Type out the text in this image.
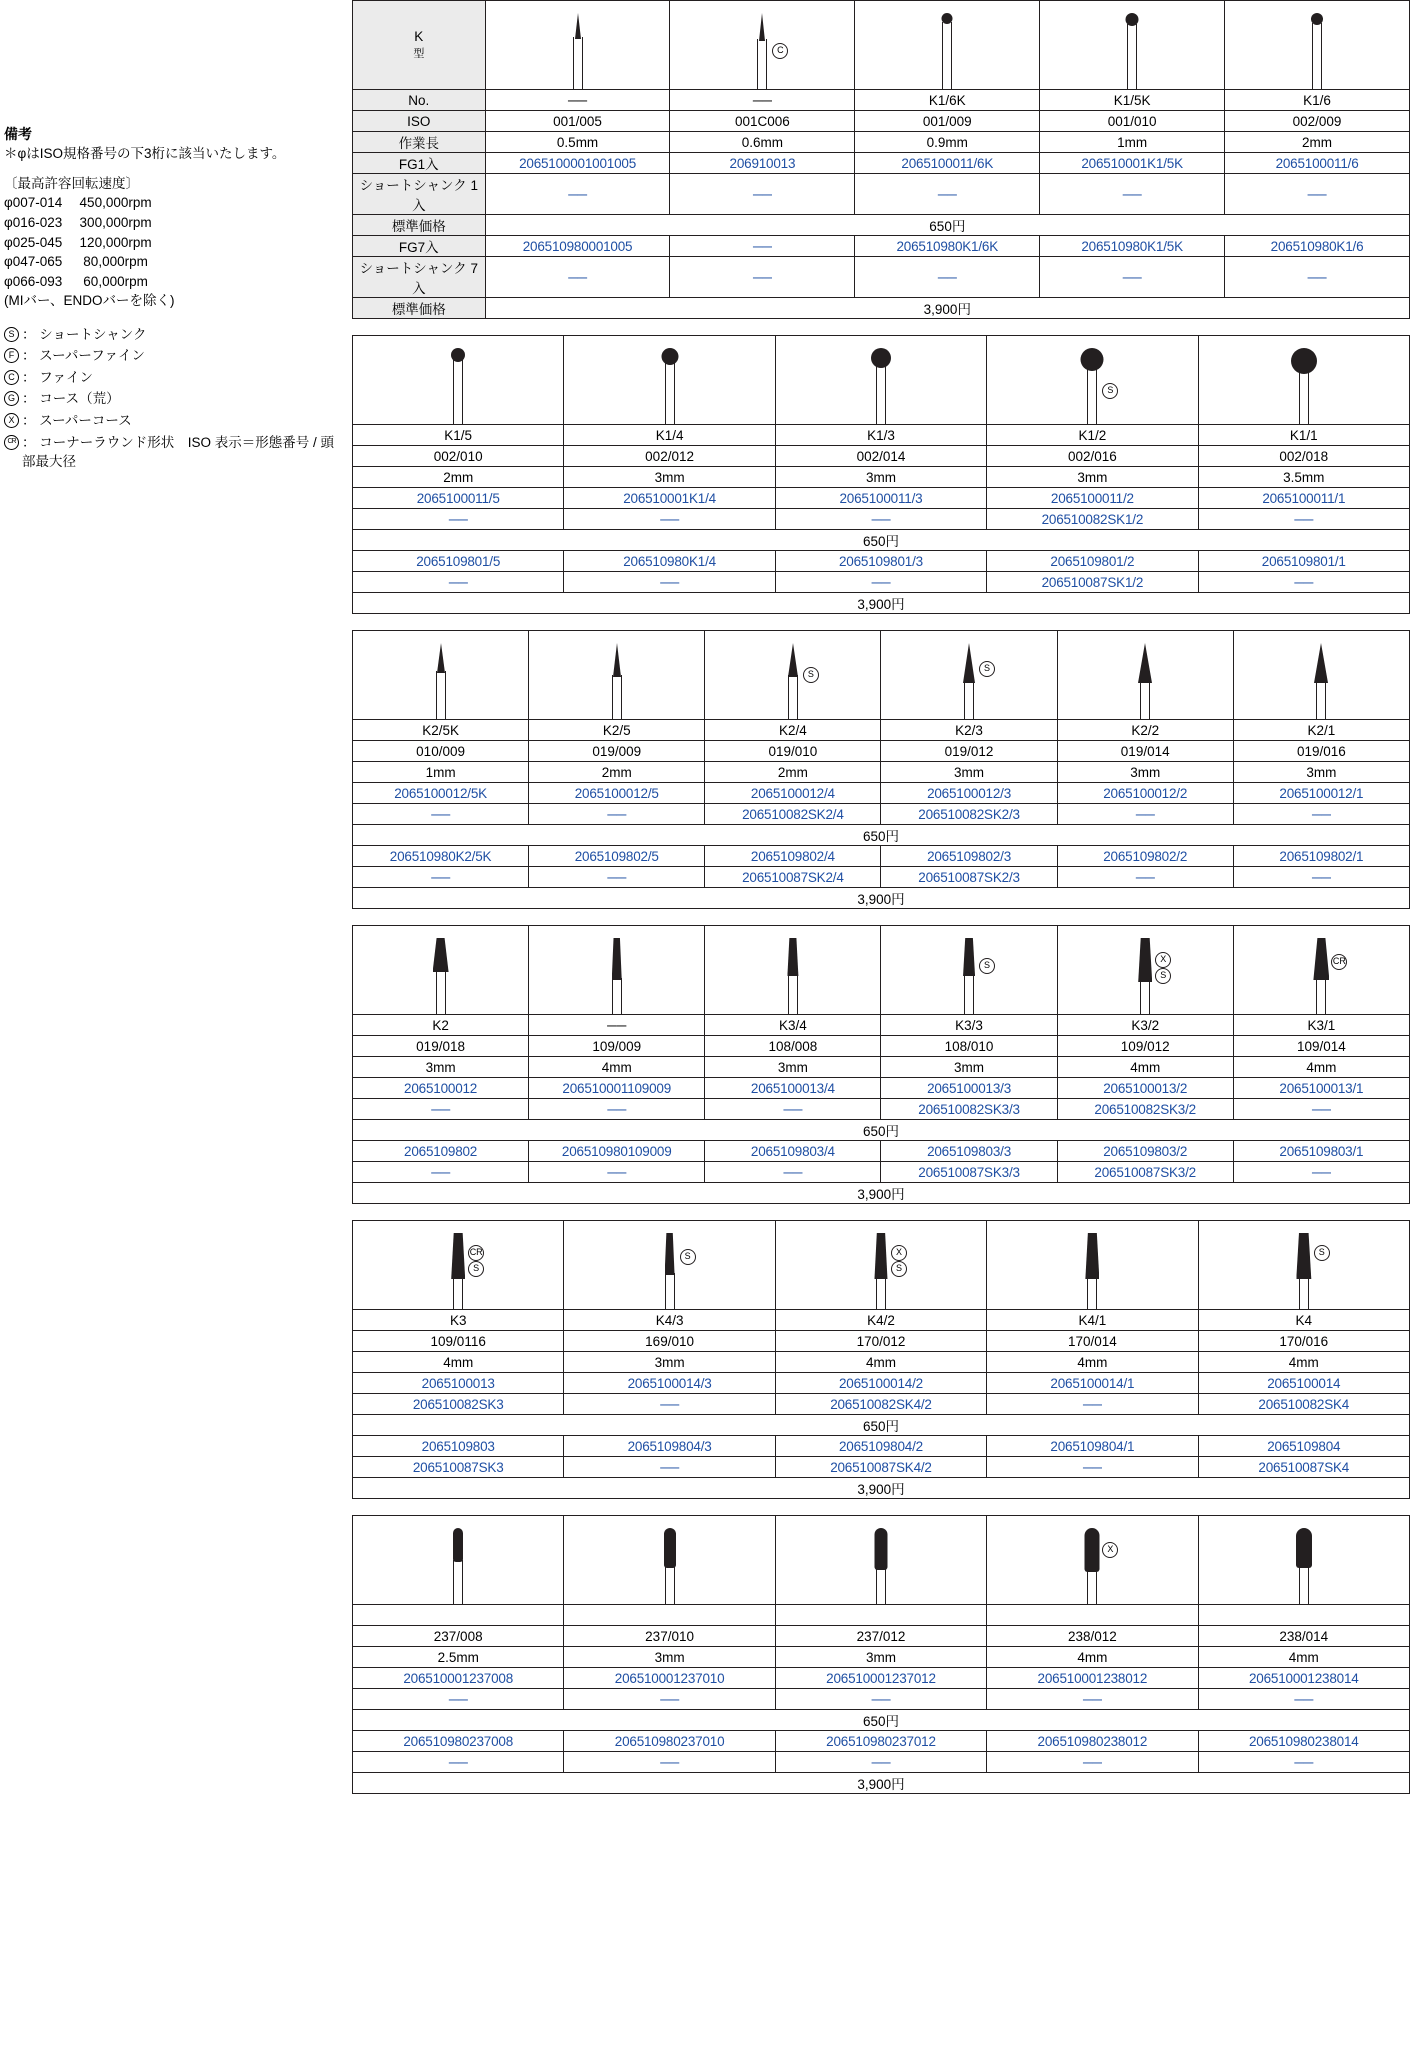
備考
＊φはISO規格番号の下3桁に該当いたします。
〔最高許容回転速度〕
φ007-014　 450,000rpm
φ016-023　 300,000rpm
φ025-045　 120,000rpm
φ047-065　  80,000rpm
φ066-093　  60,000rpm
(MIバー、ENDOバーを除く)
S ： ショートシャンク
F ： スーパーファイン
C ： ファイン
G ： コース（荒）
X ： スーパーコース
CR ： コーナーラウンド形状　ISO 表示＝形態番号 / 頭部最大径
K
型		C			

No.	──	──	K1/6K	K1/5K	K1/6
ISO	001/005	001C006	001/009	001/010	002/009
作業長	0.5mm	0.6mm	0.9mm	1mm	2mm
FG1入	2065100001001005	206910013	2065100011/6K	206510001K1/5K	2065100011/6
ショートシャンク 1入	──	──	──	──	──
標準価格	650円				
FG7入	206510980001005	──	206510980K1/6K	206510980K1/5K	206510980K1/6
ショートシャンク 7入	──	──	──	──	──
標準価格	3,900円				

			S	

K1/5	K1/4	K1/3	K1/2	K1/1
002/010	002/012	002/014	002/016	002/018
2mm	3mm	3mm	3mm	3.5mm
2065100011/5	206510001K1/4	2065100011/3	2065100011/2	2065100011/1
──	──	──	206510082SK1/2	──
650円				
2065109801/5	206510980K1/4	2065109801/3	2065109801/2	2065109801/1
──	──	──	206510087SK1/2	──
3,900円				

		S	S		

K2/5K	K2/5	K2/4	K2/3	K2/2	K2/1
010/009	019/009	019/010	019/012	019/014	019/016
1mm	2mm	2mm	3mm	3mm	3mm
2065100012/5K	2065100012/5	2065100012/4	2065100012/3	2065100012/2	2065100012/1
──	──	206510082SK2/4	206510082SK2/3	──	──
650円					
206510980K2/5K	2065109802/5	2065109802/4	2065109802/3	2065109802/2	2065109802/1
──	──	206510087SK2/4	206510087SK2/3	──	──
3,900円					

			S	X
S	CR

K2	──	K3/4	K3/3	K3/2	K3/1
019/018	109/009	108/008	108/010	109/012	109/014
3mm	4mm	3mm	3mm	4mm	4mm
2065100012	206510001109009	2065100013/4	2065100013/3	2065100013/2	2065100013/1
──	──	──	206510082SK3/3	206510082SK3/2	──
650円					
2065109802	206510980109009	2065109803/4	2065109803/3	2065109803/2	2065109803/1
──	──	──	206510087SK3/3	206510087SK3/2	──
3,900円					
CR
S	S	X
S		S

K3	K4/3	K4/2	K4/1	K4
109/0116	169/010	170/012	170/014	170/016
4mm	3mm	4mm	4mm	4mm
2065100013	2065100014/3	2065100014/2	2065100014/1	2065100014
206510082SK3	──	206510082SK4/2	──	206510082SK4
650円				
2065109803	2065109804/3	2065109804/2	2065109804/1	2065109804
206510087SK3	──	206510087SK4/2	──	206510087SK4
3,900円				

			X	

237/008	237/010	237/012	238/012	238/014
2.5mm	3mm	3mm	4mm	4mm
206510001237008	206510001237010	206510001237012	206510001238012	206510001238014
──	──	──	──	──
650円				
206510980237008	206510980237010	206510980237012	206510980238012	206510980238014
──	──	──	──	──
3,900円				
